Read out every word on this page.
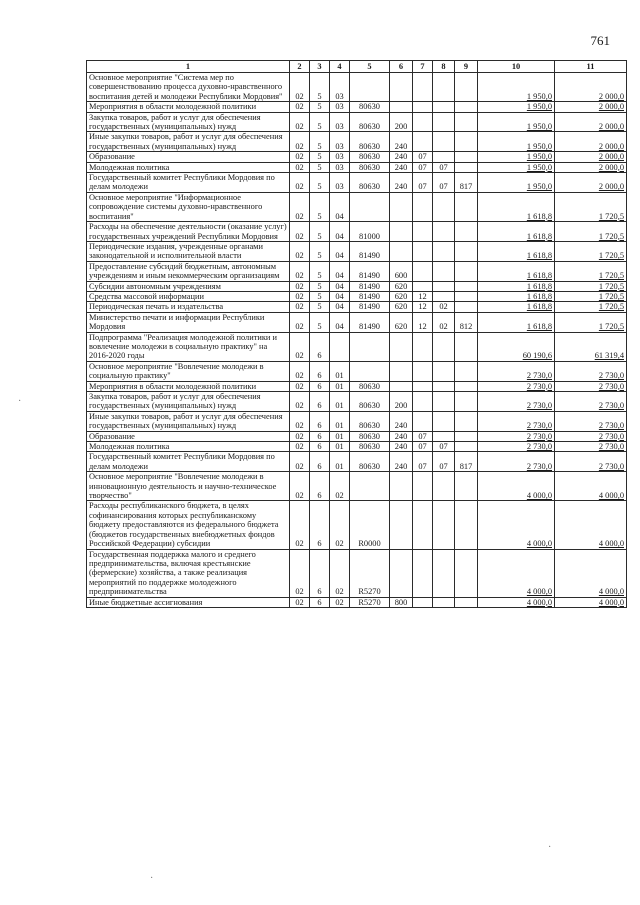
761
1	2	3	4	5	6	7	8	9	10	11
Основное мероприятие "Система мер по совершенствованию процесса духовно-нравственного воспитания детей и молодежи Республики Мордовия"	02	5	03						1 950,0	2 000,0
Мероприятия в области молодежной политики	02	5	03	80630					1 950,0	2 000,0
Закупка товаров, работ и услуг для обеспечения государственных (муниципальных) нужд	02	5	03	80630	200				1 950,0	2 000,0
Иные закупки товаров, работ и услуг для обеспечения государственных (муниципальных) нужд	02	5	03	80630	240				1 950,0	2 000,0
Образование	02	5	03	80630	240	07			1 950,0	2 000,0
Молодежная политика	02	5	03	80630	240	07	07		1 950,0	2 000,0
Государственный комитет Республики Мордовия по делам молодежи	02	5	03	80630	240	07	07	817	1 950,0	2 000,0
Основное мероприятие "Информационное сопровождение системы духовно-нравственного воспитания"	02	5	04						1 618,8	1 720,5
Расходы на обеспечение деятельности (оказание услуг) государственных учреждений Республики Мордовия	02	5	04	81000					1 618,8	1 720,5
Периодические издания, учрежденные органами законодательной и исполнительной власти	02	5	04	81490					1 618,8	1 720,5
Предоставление субсидий бюджетным, автономным учреждениям и иным некоммерческим организациям	02	5	04	81490	600				1 618,8	1 720,5
Субсидии автономным учреждениям	02	5	04	81490	620				1 618,8	1 720,5
Средства массовой информации	02	5	04	81490	620	12			1 618,8	1 720,5
Периодическая печать и издательства	02	5	04	81490	620	12	02		1 618,8	1 720,5
Министерство печати и информации Республики Мордовия	02	5	04	81490	620	12	02	812	1 618,8	1 720,5
Подпрограмма "Реализация молодежной политики и вовлечение молодежи в социальную практику" на 2016-2020 годы	02	6							60 190,6	61 319,4
Основное мероприятие "Вовлечение молодежи в социальную практику"	02	6	01						2 730,0	2 730,0
Мероприятия в области молодежной политики	02	6	01	80630					2 730,0	2 730,0
Закупка товаров, работ и услуг для обеспечения государственных (муниципальных) нужд	02	6	01	80630	200				2 730,0	2 730,0
Иные закупки товаров, работ и услуг для обеспечения государственных (муниципальных) нужд	02	6	01	80630	240				2 730,0	2 730,0
Образование	02	6	01	80630	240	07			2 730,0	2 730,0
Молодежная политика	02	6	01	80630	240	07	07		2 730,0	2 730,0
Государственный комитет Республики Мордовия по делам молодежи	02	6	01	80630	240	07	07	817	2 730,0	2 730,0
Основное мероприятие "Вовлечение молодежи в инновационную деятельность и научно-техническое творчество"	02	6	02						4 000,0	4 000,0
Расходы республиканского бюджета, в целях софинансирования которых республиканскому бюджету предоставляются из федерального бюджета (бюджетов государственных внебюджетных фондов Российской Федерации) субсидии	02	6	02	R0000					4 000,0	4 000,0
Государственная поддержка малого и среднего предпринимательства, включая крестьянские (фермерские) хозяйства, а также реализация мероприятий по поддержке молодежного предпринимательства	02	6	02	R5270					4 000,0	4 000,0
Иные бюджетные ассигнования	02	6	02	R5270	800				4 000,0	4 000,0
·
·
·
